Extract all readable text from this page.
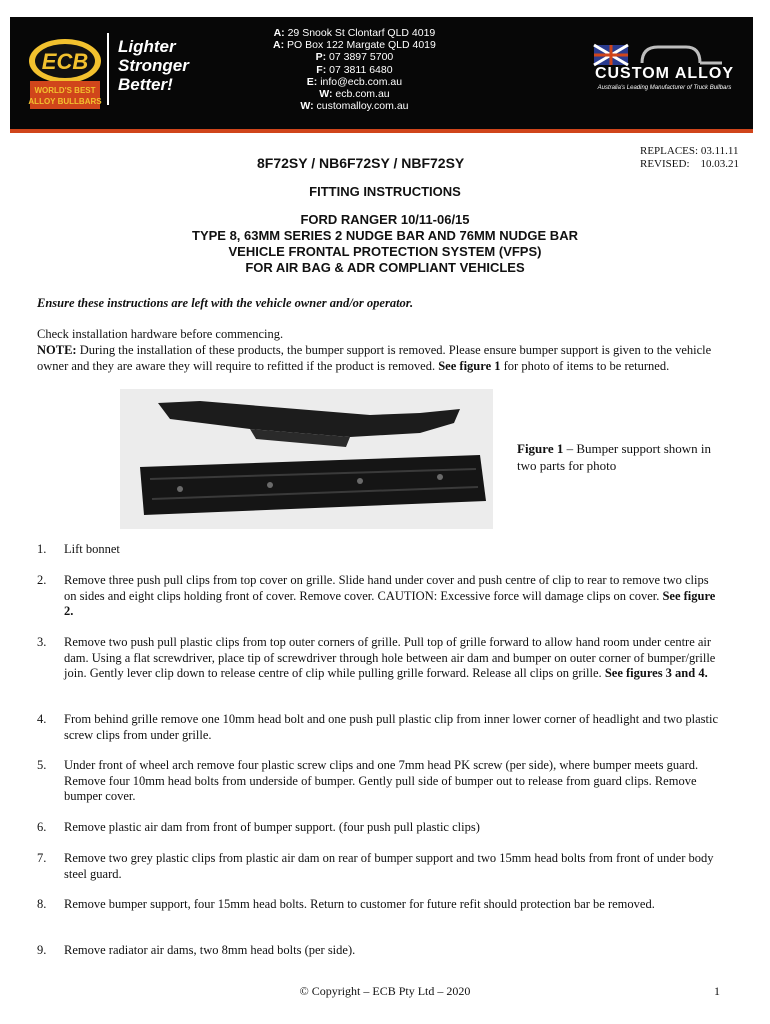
ECB
WORLD'S BEST
ALLOY BULLBARS
Lighter
Stronger
Better!
A: 29 Snook St Clontarf QLD 4019
A: PO Box 122 Margate QLD 4019
P: 07 3897 5700
F: 07 3811 6480
E: info@ecb.com.au
W: ecb.com.au
W: customalloy.com.au
CUSTOM ALLOY
Australia's Leading Manufacturer of Truck Bullbars
8F72SY / NB6F72SY / NBF72SY
REPLACES: 03.11.11
REVISED: 10.03.21
FITTING INSTRUCTIONS
FORD RANGER 10/11-06/15
TYPE 8, 63MM SERIES 2 NUDGE BAR AND 76MM NUDGE BAR
VEHICLE FRONTAL PROTECTION SYSTEM (VFPS)
FOR AIR BAG & ADR COMPLIANT VEHICLES
Ensure these instructions are left with the vehicle owner and/or operator.
Check installation hardware before commencing.
NOTE: During the installation of these products, the bumper support is removed. Please ensure bumper support is given to the vehicle owner and they are aware they will require to refitted if the product is removed. See figure 1 for photo of items to be returned.
Figure 1 – Bumper support shown in two parts for photo
1. Lift bonnet
2. Remove three push pull clips from top cover on grille. Slide hand under cover and push centre of clip to rear to remove two clips on sides and eight clips holding front of cover. Remove cover. CAUTION: Excessive force will damage clips on cover. See figure 2.
3. Remove two push pull plastic clips from top outer corners of grille. Pull top of grille forward to allow hand room under centre air dam. Using a flat screwdriver, place tip of screwdriver through hole between air dam and bumper on outer corner of bumper/grille join. Gently lever clip down to release centre of clip while pulling grille forward. Release all clips on grille. See figures 3 and 4.
4. From behind grille remove one 10mm head bolt and one push pull plastic clip from inner lower corner of headlight and two plastic screw clips from under grille.
5. Under front of wheel arch remove four plastic screw clips and one 7mm head PK screw (per side), where bumper meets guard. Remove four 10mm head bolts from underside of bumper. Gently pull side of bumper out to release from guard clips. Remove bumper cover.
6. Remove plastic air dam from front of bumper support. (four push pull plastic clips)
7. Remove two grey plastic clips from plastic air dam on rear of bumper support and two 15mm head bolts from front of under body steel guard.
8. Remove bumper support, four 15mm head bolts. Return to customer for future refit should protection bar be removed.
9. Remove radiator air dams, two 8mm head bolts (per side).
© Copyright – ECB Pty Ltd – 2020	1
